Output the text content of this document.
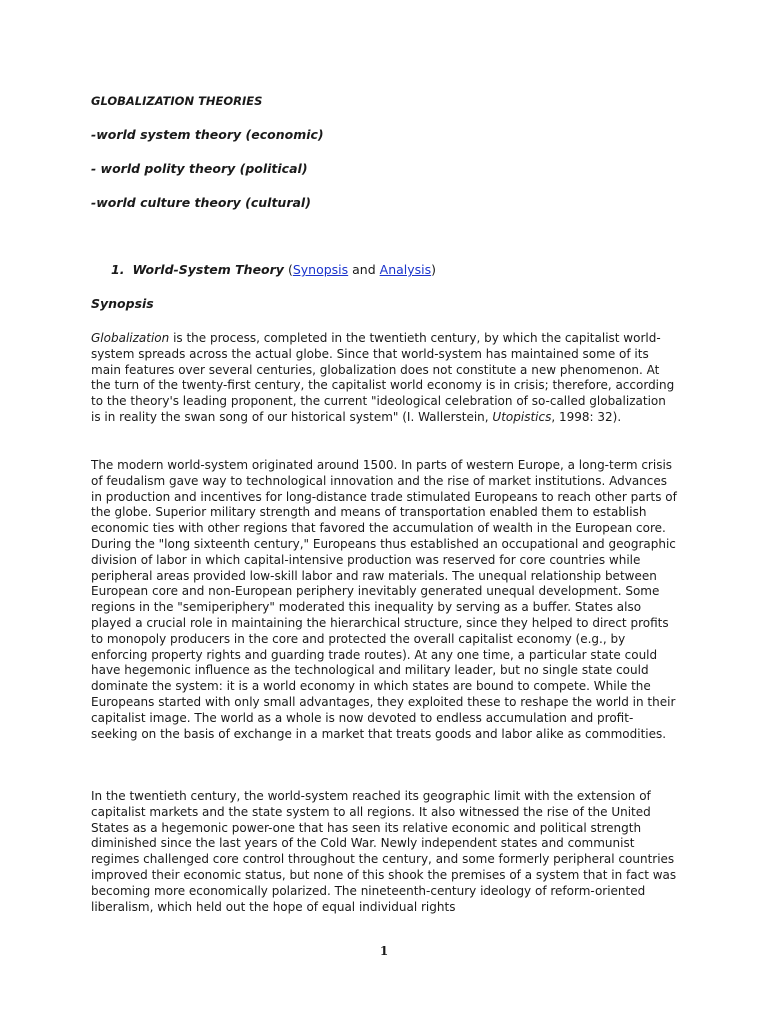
GLOBALIZATION THEORIES

-world system theory (economic)

- world polity theory (political)

-world culture theory (cultural)

1. World-System Theory (Synopsis and Analysis)

Synopsis

Globalization is the process, completed in the twentieth century, by which the capitalist world-system spreads across the actual globe. Since that world-system has maintained some of its main features over several centuries, globalization does not constitute a new phenomenon. At the turn of the twenty-first century, the capitalist world economy is in crisis; therefore, according to the theory's leading proponent, the current "ideological celebration of so-called globalization is in reality the swan song of our historical system" (I. Wallerstein, Utopistics, 1998: 32).

The modern world-system originated around 1500. In parts of western Europe, a long-term crisis of feudalism gave way to technological innovation and the rise of market institutions. Advances in production and incentives for long-distance trade stimulated Europeans to reach other parts of the globe. Superior military strength and means of transportation enabled them to establish economic ties with other regions that favored the accumulation of wealth in the European core. During the "long sixteenth century," Europeans thus established an occupational and geographic division of labor in which capital-intensive production was reserved for core countries while peripheral areas provided low-skill labor and raw materials. The unequal relationship between European core and non-European periphery inevitably generated unequal development. Some regions in the "semiperiphery" moderated this inequality by serving as a buffer. States also played a crucial role in maintaining the hierarchical structure, since they helped to direct profits to monopoly producers in the core and protected the overall capitalist economy (e.g., by enforcing property rights and guarding trade routes). At any one time, a particular state could have hegemonic influence as the technological and military leader, but no single state could dominate the system: it is a world economy in which states are bound to compete. While the Europeans started with only small advantages, they exploited these to reshape the world in their capitalist image. The world as a whole is now devoted to endless accumulation and profit-seeking on the basis of exchange in a market that treats goods and labor alike as commodities.

In the twentieth century, the world-system reached its geographic limit with the extension of capitalist markets and the state system to all regions. It also witnessed the rise of the United States as a hegemonic power-one that has seen its relative economic and political strength diminished since the last years of the Cold War. Newly independent states and communist regimes challenged core control throughout the century, and some formerly peripheral countries improved their economic status, but none of this shook the premises of a system that in fact was becoming more economically polarized. The nineteenth-century ideology of reform-oriented liberalism, which held out the hope of equal individual rights

1
